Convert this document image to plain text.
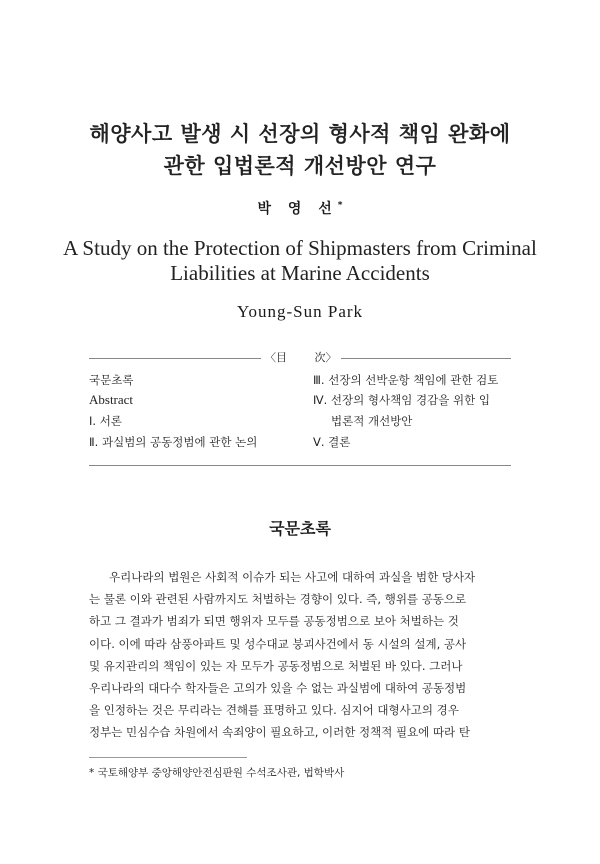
해양사고 발생 시 선장의 형사적 책임 완화에
관한 입법론적 개선방안 연구
박 영 선*
A Study on the Protection of Shipmasters from Criminal
Liabilities at Marine Accidents
Young-Sun Park
〈目 次〉
국문초록
Abstract
Ⅰ. 서론
Ⅱ. 과실범의 공동정범에 관한 논의
Ⅲ. 선장의 선박운항 책임에 관한 검토
Ⅳ. 선장의 형사책임 경감을 위한 입
법론적 개선방안
Ⅴ. 결론
국문초록
우리나라의 법원은 사회적 이슈가 되는 사고에 대하여 과실을 범한 당사자
는 물론 이와 관련된 사람까지도 처벌하는 경향이 있다. 즉, 행위를 공동으로
하고 그 결과가 범죄가 되면 행위자 모두를 공동정범으로 보아 처벌하는 것
이다. 이에 따라 삼풍아파트 및 성수대교 붕괴사건에서 동 시설의 설계, 공사
및 유지관리의 책임이 있는 자 모두가 공동정범으로 처벌된 바 있다. 그러나
우리나라의 대다수 학자들은 고의가 있을 수 없는 과실범에 대하여 공동정범
을 인정하는 것은 무리라는 견해를 표명하고 있다. 심지어 대형사고의 경우
정부는 민심수습 차원에서 속죄양이 필요하고, 이러한 정책적 필요에 따라 탄
* 국토해양부 중앙해양안전심판원 수석조사관, 법학박사
